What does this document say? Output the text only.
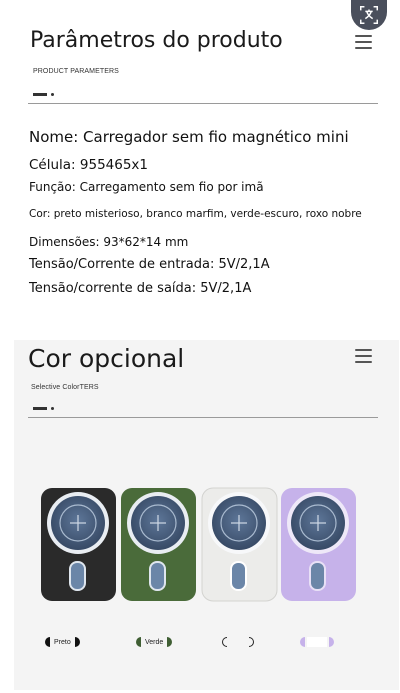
Parâmetros do produto
PRODUCT PARAMETERS
Nome: Carregador sem fio magnético mini
Célula: 955465x1
Função: Carregamento sem fio por imã
Cor: preto misterioso, branco marfim, verde-escuro, roxo nobre
Dimensões: 93*62*14 mm
Tensão/Corrente de entrada: 5V/2,1A
Tensão/corrente de saída: 5V/2,1A
Cor opcional
Selective ColorTERS
Preto	Verde
